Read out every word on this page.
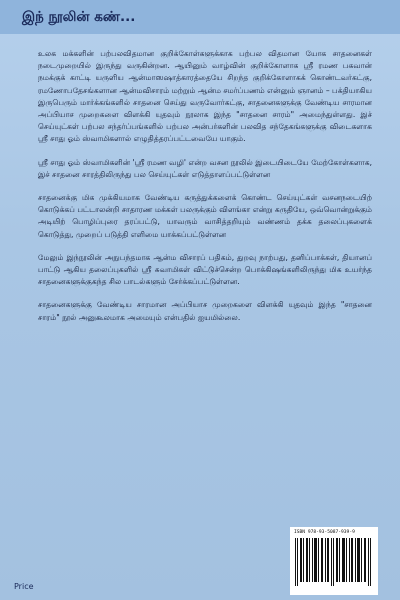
இந் நூலின் கண்...

உலக மக்களின் பற்பலவிதமான குறிக்கோள்களுக்காக பற்பல விதமான யோக சாதனைகள் நடைமுறையில் இருந்து வருகின்றன. ஆயினும் வாழ்வின் குறிக்கோளாக ஸ்ரீ ரமண பகவான் நமக்குக் காட்டி யருளிய ஆன்மாஸஷாத்காரத்தையே சிறந்த குறிக்கோளாகக் கொண்டவர்கட்கு, ரமணோபதேசங்களான ஆன்மவிசாரம் மற்றும் ஆன்ம சமர்ப்பணம் என்னும் ஞானம் – பக்தியாகிய இருபெரும் மார்க்கங்களில் சாதனை செய்து வருவோர்கட்கு, சாதனைகளுக்கு வேண்டிய சாரமான அப்பியாச முறைகளை விளக்கி யுதவும் நூலாக இந்த "சாதனை சாரம்" அமைந்துள்ளது. இச் செய்யுட்கள் பற்பல சந்தர்ப்பங்களில் பற்பல அன்பர்களின் பலவித சந்தேகங்களுக்கு விடைகளாக ஸ்ரீ சாது ஓம் ஸ்வாமிகளால் எழுதித்தரப்பட்டவையே யாகும்.

ஸ்ரீ சாது ஓம் ஸ்வாமிகளின் 'ஸ்ரீ ரமண வழி' என்ற வசன நூலில் இடையிடையே மேற்கோள்களாக, இச் சாதனை சாரத்திலிருந்து பல செய்யுட்கள் எடுத்தாளப்பட்டுள்ளன

சாதனைக்கு மிக முக்கியமாக வேண்டிய கருத்துக்களைக் கொண்ட செய்யுட்கள் வசனநடையிற் கொடுக்கப் பட்டாலன்றி சாதாரண மக்கள் பலருக்கும் விளங்கா என்று கருதியே, ஒவ்வொன்றுக்கும் அடியிற் பொழிப்புரை தரப்பட்டு, யாவரும் வாசித்தறியும் வண்ணம் தக்க தலைப்புகளைக் கொடுத்து, முறைப் படுத்தி எளிமை யாக்கப்பட்டுள்ளன

மேலும் இந்நூலின் அநுபந்தமாக ஆன்ம விசாரப் பதிகம், துறவு நாற்பது, தனிப்பாக்கள், தியானப் பாட்டு ஆகிய தலைப்புகளில் ஸ்ரீ சுவாமிகள் விட்டுச்சென்ற பொக்கிஷங்களிலிருந்து மிக உயர்ந்த சாதனைகளுக்குகந்த சில பாடல்களும் சேர்க்கப்பட்டுள்ளன.

சாதனைகளுக்கு வேண்டிய சாரமான அப்பியாச முறைகளை விளக்கி யுதவும் இந்த "சாதனை சாரம்" நூல் அனுகூலமாக அமையும் என்பதில் ஐயமில்லை.

ISBN 978-93-5087-939-9
Price
